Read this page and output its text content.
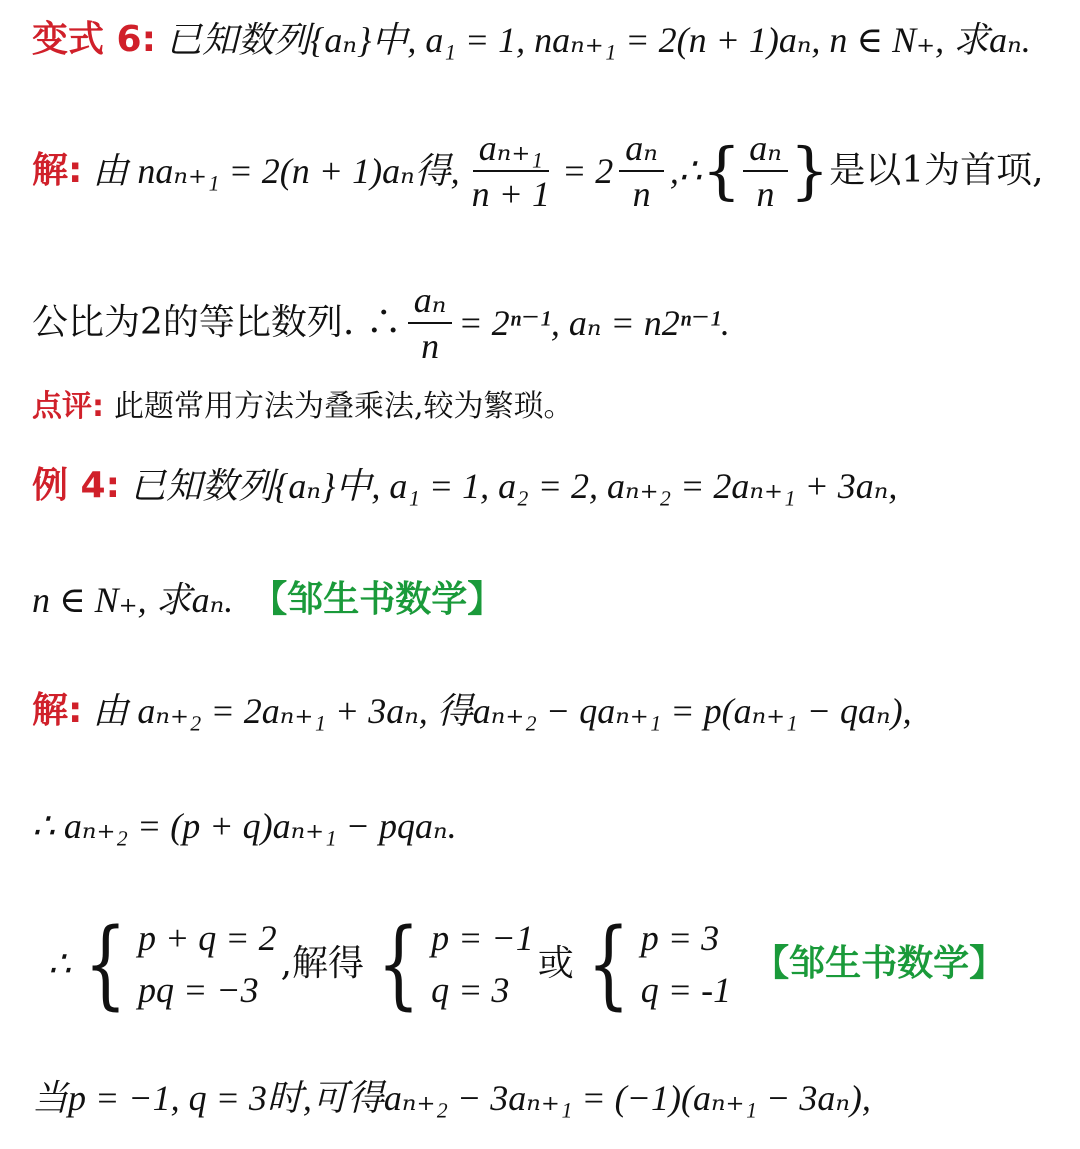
变式 6: 已知数列{aₙ}中, a₁ = 1, naₙ₊₁ = 2(n + 1)aₙ, n ∈ N₊, 求aₙ.
解: 由 naₙ₊₁ = 2(n + 1)aₙ得, $\frac{\text{aₙ₊₁}}{n + 1} = 2 \frac{\text{aₙ}}{n}$ ,∴ { $\frac{\text{aₙ}}{n}$ } 是以1为首项,
公比为2的等比数列. ∴ $\frac{\text{aₙ}}{n} = 2^{n-1}$, aₙ = n2ⁿ⁻¹.
点评: 此题常用方法为叠乘法,较为繁琐。
例 4: 已知数列{aₙ}中, a₁ = 1, a₂ = 2, aₙ₊₂ = 2aₙ₊₁ + 3aₙ,
n ∈ N₊, 求aₙ. 【邹生书数学】
解: 由 aₙ₊₂ = 2aₙ₊₁ + 3aₙ, 得aₙ₊₂ − qaₙ₊₁ = p(aₙ₊₁ − qaₙ),
∴ aₙ₊₂ = (p + q)aₙ₊₁ − pqaₙ.
∴ { p + q = 2
pq = −3
,解得 { p = −1
q = 3
或 { p = 3
q = -1
【邹生书数学】
当p = −1, q = 3时,可得aₙ₊₂ − 3aₙ₊₁ = (−1)(aₙ₊₁ − 3aₙ),
